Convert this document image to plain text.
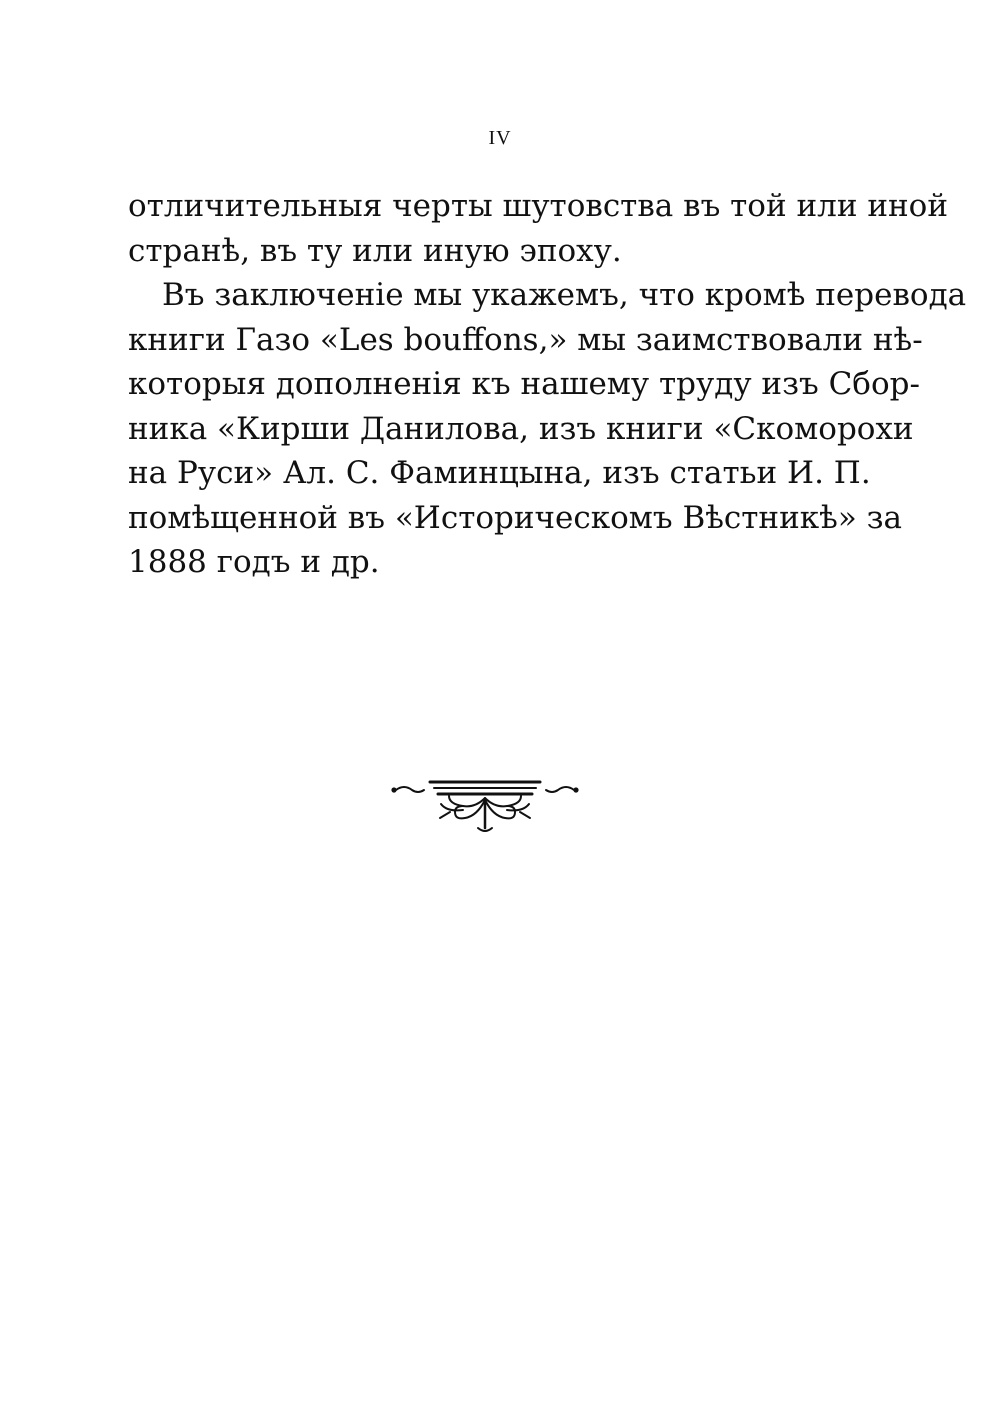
IV
отличительныя черты шутовства въ той или иной
странѣ, въ ту или иную эпоху.
Въ заключеніе мы укажемъ, что кромѣ перевода
книги Газо «Les bouffons,» мы заимствовали нѣ-
которыя дополненія къ нашему труду изъ Сбор-
ника «Кирши Данилова, изъ книги «Скоморохи
на Руси» Ал. С. Фаминцына, изъ статьи И. П.
помѣщенной въ «Историческомъ Вѣстникѣ» за
1888 годъ и др.
